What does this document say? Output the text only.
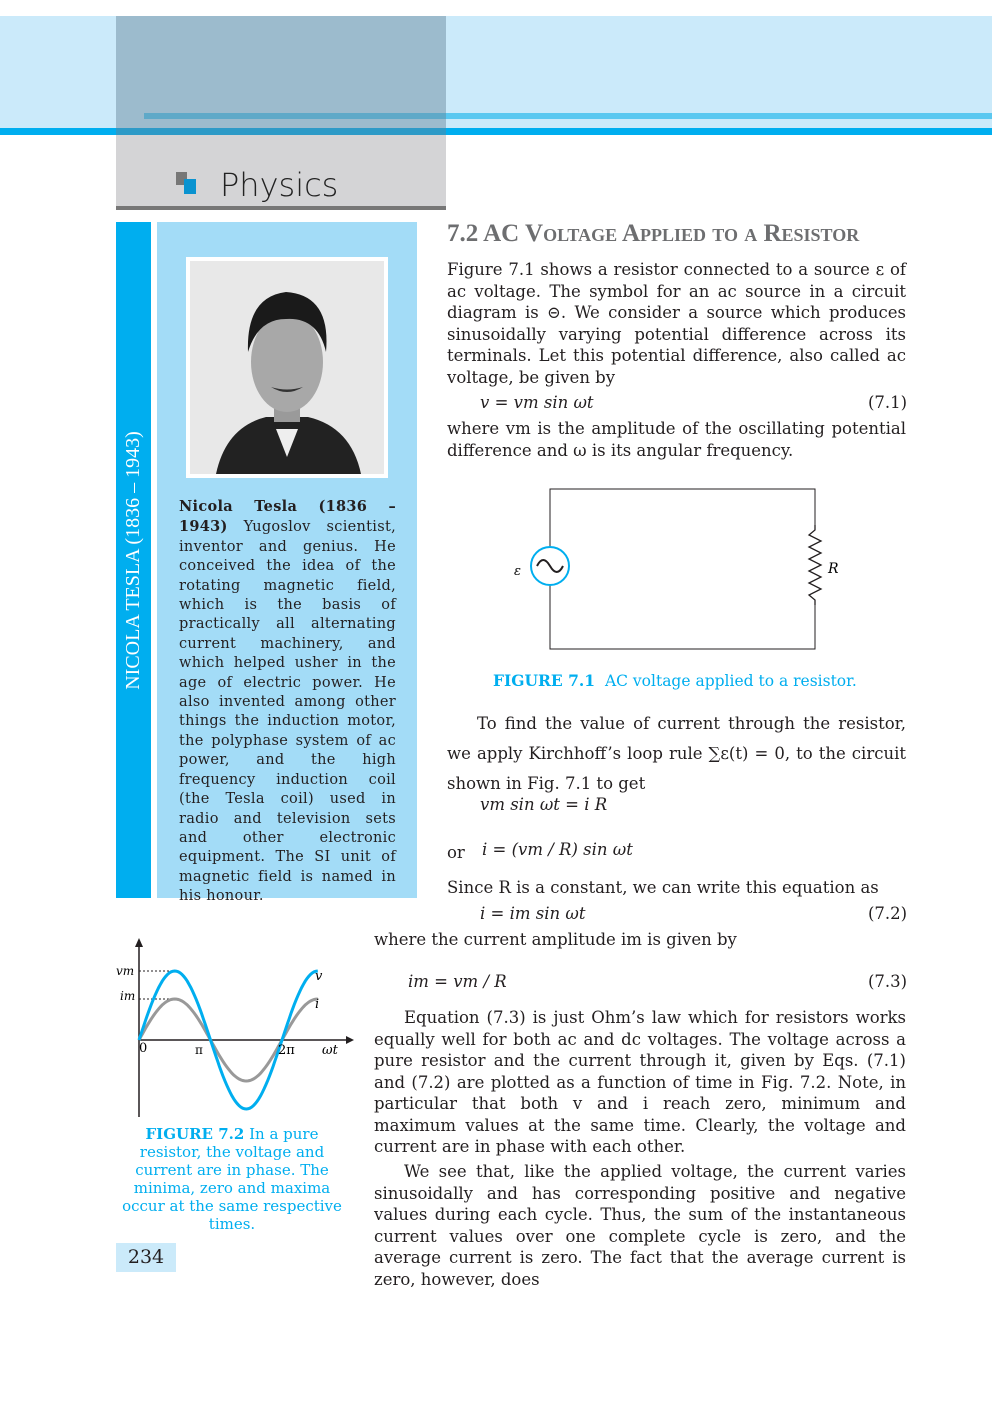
Physics
NICOLA TESLA (1836 – 1943) Nicola Tesla (1836 – 1943) Yugoslov scientist, inventor and genius. He conceived the idea of the rotating magnetic field, which is the basis of practically all alternating current machinery, and which helped usher in the age of electric power. He also invented among other things the induction motor, the polyphase system of ac power, and the high frequency induction coil (the Tesla coil) used in radio and television sets and other electronic equipment. The SI unit of magnetic field is named in his honour.
7.2 AC Voltage Applied to a Resistor
Figure 7.1 shows a resistor connected to a source ε of ac voltage. The symbol for an ac source in a circuit diagram is ⊝. We consider a source which produces sinusoidally varying potential difference across its terminals. Let this potential difference, also called ac voltage, be given by
v = vm sin ωt	(7.1)
where vm is the amplitude of the oscillating potential difference and ω is its angular frequency.
ε	R
FIGURE 7.1 AC voltage applied to a resistor.
To find the value of current through the resistor, we apply Kirchhoff’s loop rule ∑ε(t) = 0, to the circuit shown in Fig. 7.1 to get
vm sin ωt = i R
or i = (vm / R) sin ωt
Since R is a constant, we can write this equation as
i = im sin ωt	(7.2)
where the current amplitude im is given by
im = vm / R	(7.3)
Equation (7.3) is just Ohm’s law which for resistors works equally well for both ac and dc voltages. The voltage across a pure resistor and the current through it, given by Eqs. (7.1) and (7.2) are plotted as a function of time in Fig. 7.2. Note, in particular that both v and i reach zero, minimum and maximum values at the same time. Clearly, the voltage and current are in phase with each other.
We see that, like the applied voltage, the current varies sinusoidally and has corresponding positive and negative values during each cycle. Thus, the sum of the instantaneous current values over one complete cycle is zero, and the average current is zero. The fact that the average current is zero, however, does
vm
im
0	π	2π ωt
v
i
FIGURE 7.2 In a pure resistor, the voltage and current are in phase. The minima, zero and maxima occur at the same respective times.
234
